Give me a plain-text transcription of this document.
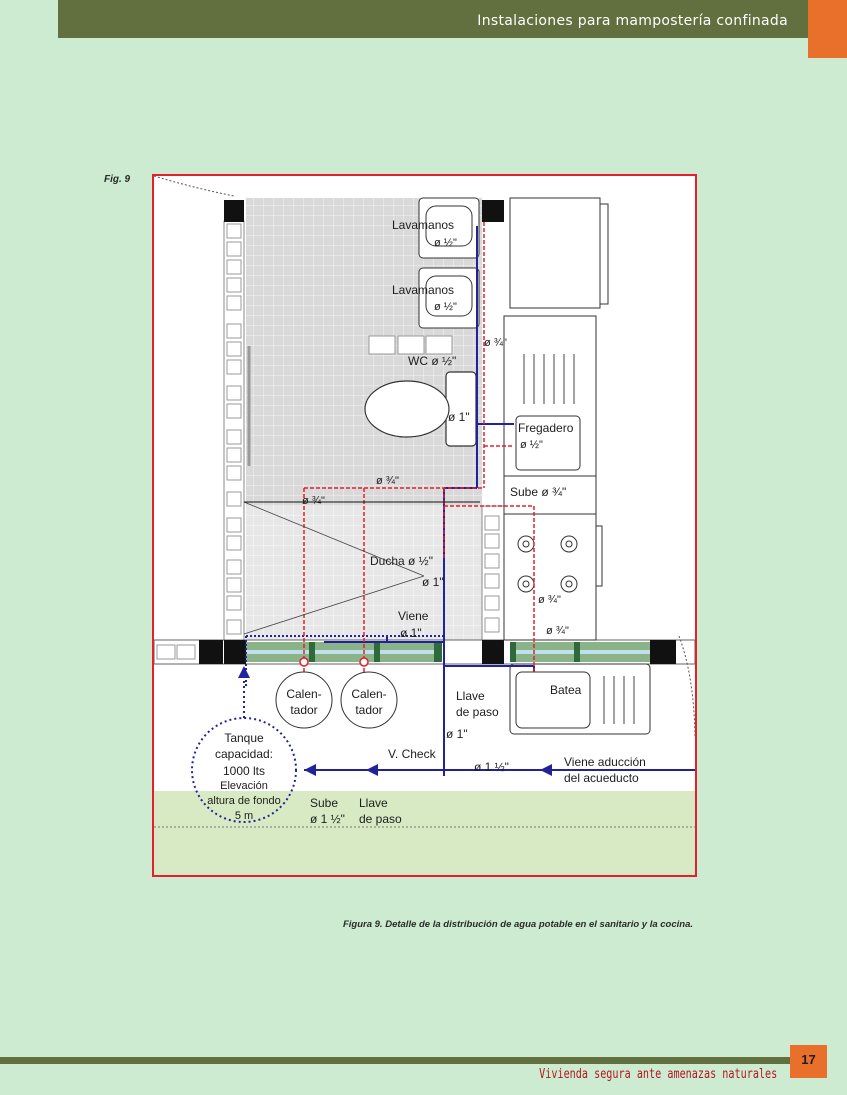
Instalaciones para mampostería confinada
Fig. 9
Lavamanos
ø ½"
Lavamanos
ø ½"
ø ¾"
WC ø ½"
ø 1"
Fregadero
ø ½"
ø ¾"
ø ¾"
Sube ø ¾"
Ducha ø ½"
ø 1"
Viene
ø 1"
ø ¾"
ø ¾"
Batea
Calen-
tador
Calen-
tador
Llave
de paso
ø 1"
V. Check
ø 1 ½"	Viene aducción
del acueducto
Tanque
capacidad:
1000 lts
Elevación
altura de fondo
5 m
Sube
ø 1 ½"
Llave
de paso
Figura 9. Detalle de la distribución de agua potable en el sanitario y la cocina.
Vivienda segura ante amenazas naturales
17
